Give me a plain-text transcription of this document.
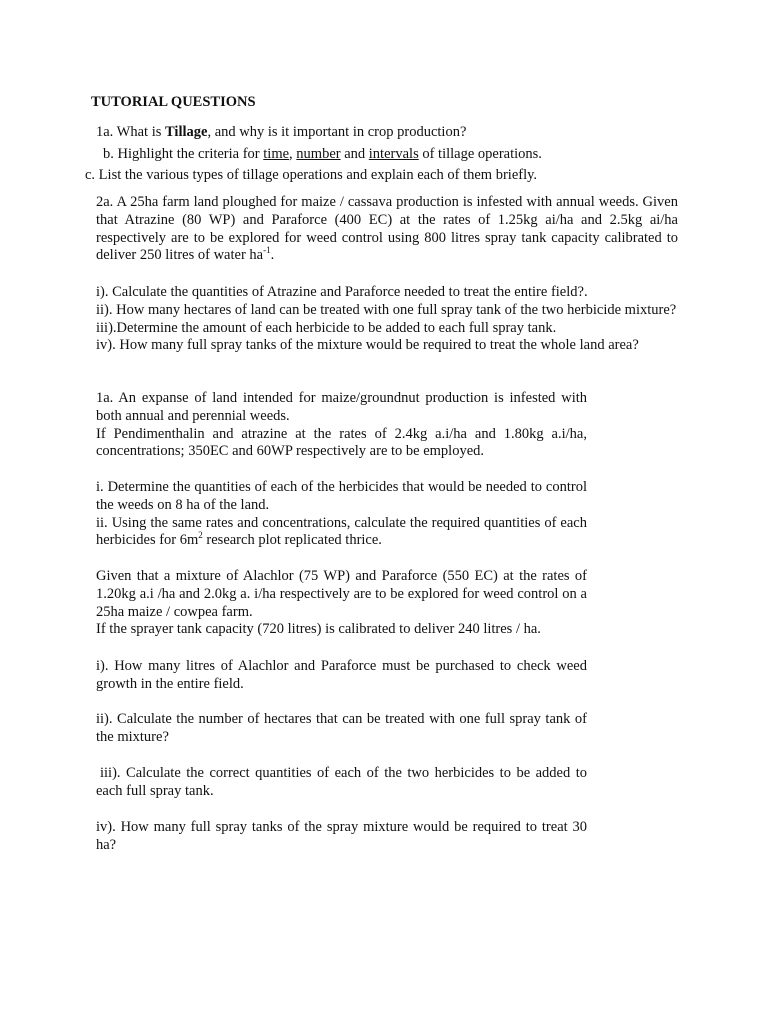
TUTORIAL QUESTIONS

1a. What is Tillage, and why is it important in crop production?

b. Highlight the criteria for time, number and intervals of tillage operations.

c. List the various types of tillage operations and explain each of them briefly.

2a. A 25ha farm land ploughed for maize / cassava production is infested with annual weeds. Given that Atrazine (80 WP) and Paraforce (400 EC) at the rates of 1.25kg ai/ha and 2.5kg ai/ha respectively are to be explored for weed control using 800 litres spray tank capacity calibrated to deliver 250 litres of water $ha^{-1}$.

i). Calculate the quantities of Atrazine and Paraforce needed to treat the entire field?.

ii). How many hectares of land can be treated with one full spray tank of the two herbicide mixture?

iii).Determine the amount of each herbicide to be added to each full spray tank.

iv). How many full spray tanks of the mixture would be required to treat the whole land area?

1a. An expanse of land intended for maize/groundnut production is infested with both annual and perennial weeds.

If Pendimenthalin and atrazine at the rates of 2.4kg a.i/ha and 1.80kg a.i/ha, concentrations; 350EC and 60WP respectively are to be employed.

i. Determine the quantities of each of the herbicides that would be needed to control the weeds on 8 ha of the land.

ii. Using the same rates and concentrations, calculate the required quantities of each herbicides for $6m^2$ research plot replicated thrice.

Given that a mixture of Alachlor (75 WP) and Paraforce (550 EC) at the rates of 1.20kg a.i /ha and 2.0kg a. i/ha respectively are to be explored for weed control on a 25ha maize / cowpea farm.

If the sprayer tank capacity (720 litres) is calibrated to deliver 240 litres / ha.

i). How many litres of Alachlor and Paraforce must be purchased to check weed growth in the entire field.

ii). Calculate the number of hectares that can be treated with one full spray tank of the mixture?

iii). Calculate the correct quantities of each of the two herbicides to be added to each full spray tank.

iv). How many full spray tanks of the spray mixture would be required to treat 30 ha?
